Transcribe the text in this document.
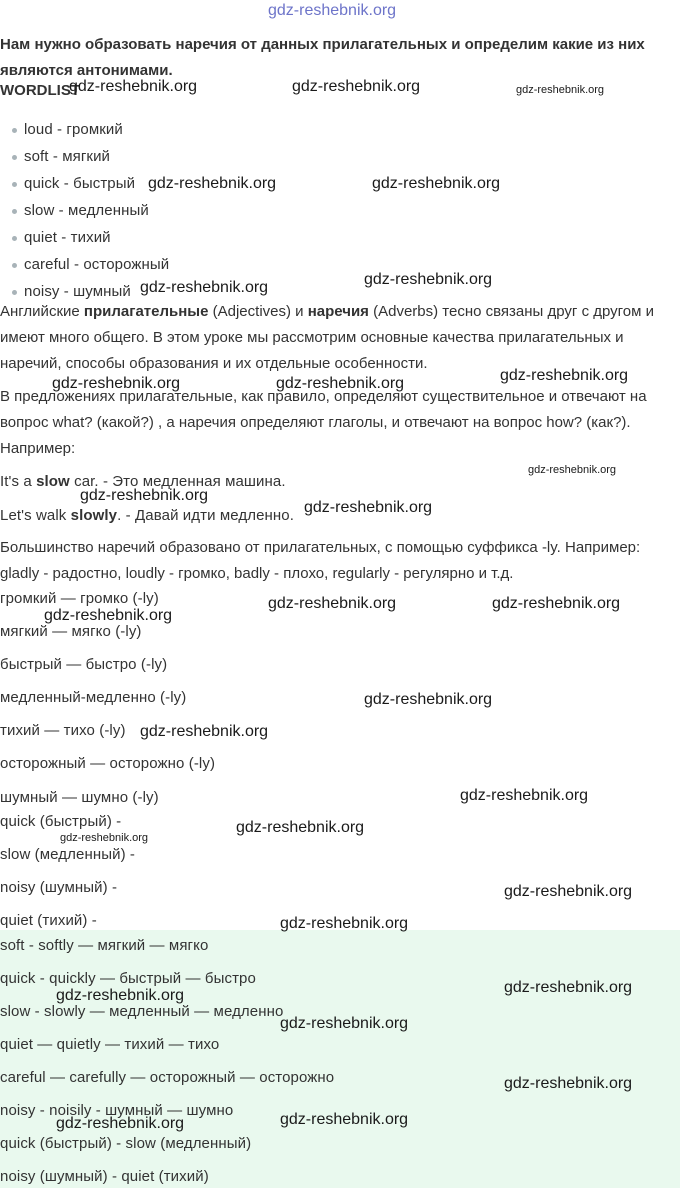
gdz-reshebnik.org
Нам нужно образовать наречия от данных прилагательных и определим какие из них являются антонимами.
WORDLIST
loud - громкий
soft - мягкий
quick - быстрый
slow - медленный
quiet - тихий
careful - осторожный
noisy - шумный
Английские прилагательные (Adjectives) и наречия (Adverbs) тесно связаны друг с другом и имеют много общего. В этом уроке мы рассмотрим основные качества прилагательных и наречий, способы образования и их отдельные особенности.
В предложениях прилагательные, как правило, определяют существительное и отвечают на вопрос what? (какой?) , а наречия определяют глаголы, и отвечают на вопрос how? (как?). Например:
It's a slow car. - Это медленная машина.
Let's walk slowly. - Давай идти медленно.
Большинство наречий образовано от прилагательных, с помощью суффикса -ly. Например: gladly - радостно, loudly - громко, badly - плохо, regularly - регулярно и т.д.
громкий — громко (-ly)
мягкий — мягко (-ly)
быстрый — быстро (-ly)
медленный-медленно (-ly)
тихий — тихо (-ly)
осторожный — осторожно (-ly)
шумный — шумно (-ly)
quick (быстрый) -
slow (медленный) -
noisy (шумный) -
quiet (тихий) -
soft - softly — мягкий — мягко
quick - quickly — быстрый — быстро
slow - slowly — медленный — медленно
quiet — quietly — тихий — тихо
careful — carefully — осторожный — осторожно
noisy - noisily - шумный — шумно
quick (быстрый) - slow (медленный)
noisy (шумный) - quiet (тихий)
gdz-reshebnik.org	gdz-reshebnik.org	gdz-reshebnik.org
gdz-reshebnik.org	gdz-reshebnik.org
gdz-reshebnik.org
gdz-reshebnik.org
gdz-reshebnik.org
gdz-reshebnik.org	gdz-reshebnik.org
gdz-reshebnik.org
gdz-reshebnik.org
gdz-reshebnik.org
gdz-reshebnik.org	gdz-reshebnik.org
gdz-reshebnik.org
gdz-reshebnik.org
gdz-reshebnik.org
gdz-reshebnik.org
gdz-reshebnik.org
gdz-reshebnik.org
gdz-reshebnik.org
gdz-reshebnik.org
gdz-reshebnik.org
gdz-reshebnik.org
gdz-reshebnik.org
gdz-reshebnik.org
gdz-reshebnik.org
gdz-reshebnik.org
